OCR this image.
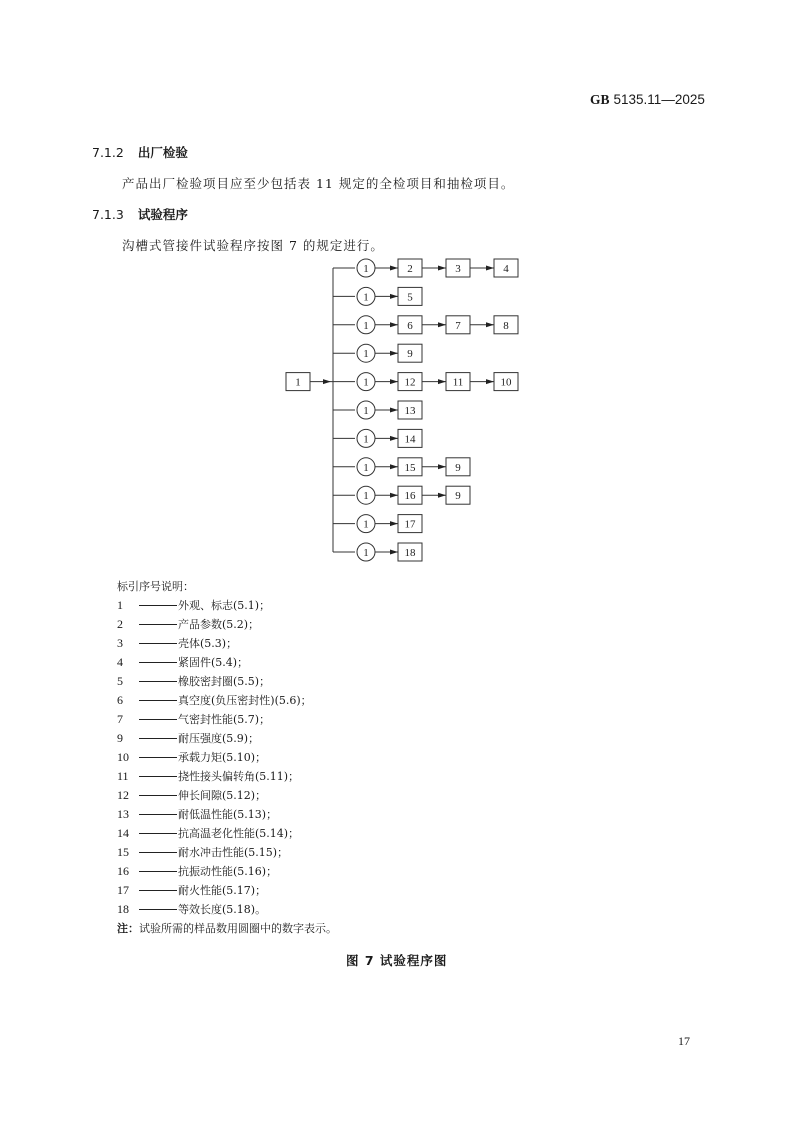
GB 5135.11—2025
7.1.2 出厂检验
产品出厂检验项目应至少包括表 11 规定的全检项目和抽检项目。
7.1.3 试验程序
沟槽式管接件试验程序按图 7 的规定进行。
1
1	2	3	4
1	5
1	6	7	8
1	9
1	12	11	10
1	13
1	14
1	15	9
1	16	9
1	17
1	18
标引序号说明：
1	外观、标志(5.1)；
2	产品参数(5.2)；
3	壳体(5.3)；
4	紧固件(5.4)；
5	橡胶密封圈(5.5)；
6	真空度(负压密封性)(5.6)；
7	气密封性能(5.7)；
9	耐压强度(5.9)；
10	承载力矩(5.10)；
11	挠性接头偏转角(5.11)；
12	伸长间隙(5.12)；
13	耐低温性能(5.13)；
14	抗高温老化性能(5.14)；
15	耐水冲击性能(5.15)；
16	抗振动性能(5.16)；
17	耐火性能(5.17)；
18	等效长度(5.18)。
注：试验所需的样品数用圆圈中的数字表示。
图 7 试验程序图
17
